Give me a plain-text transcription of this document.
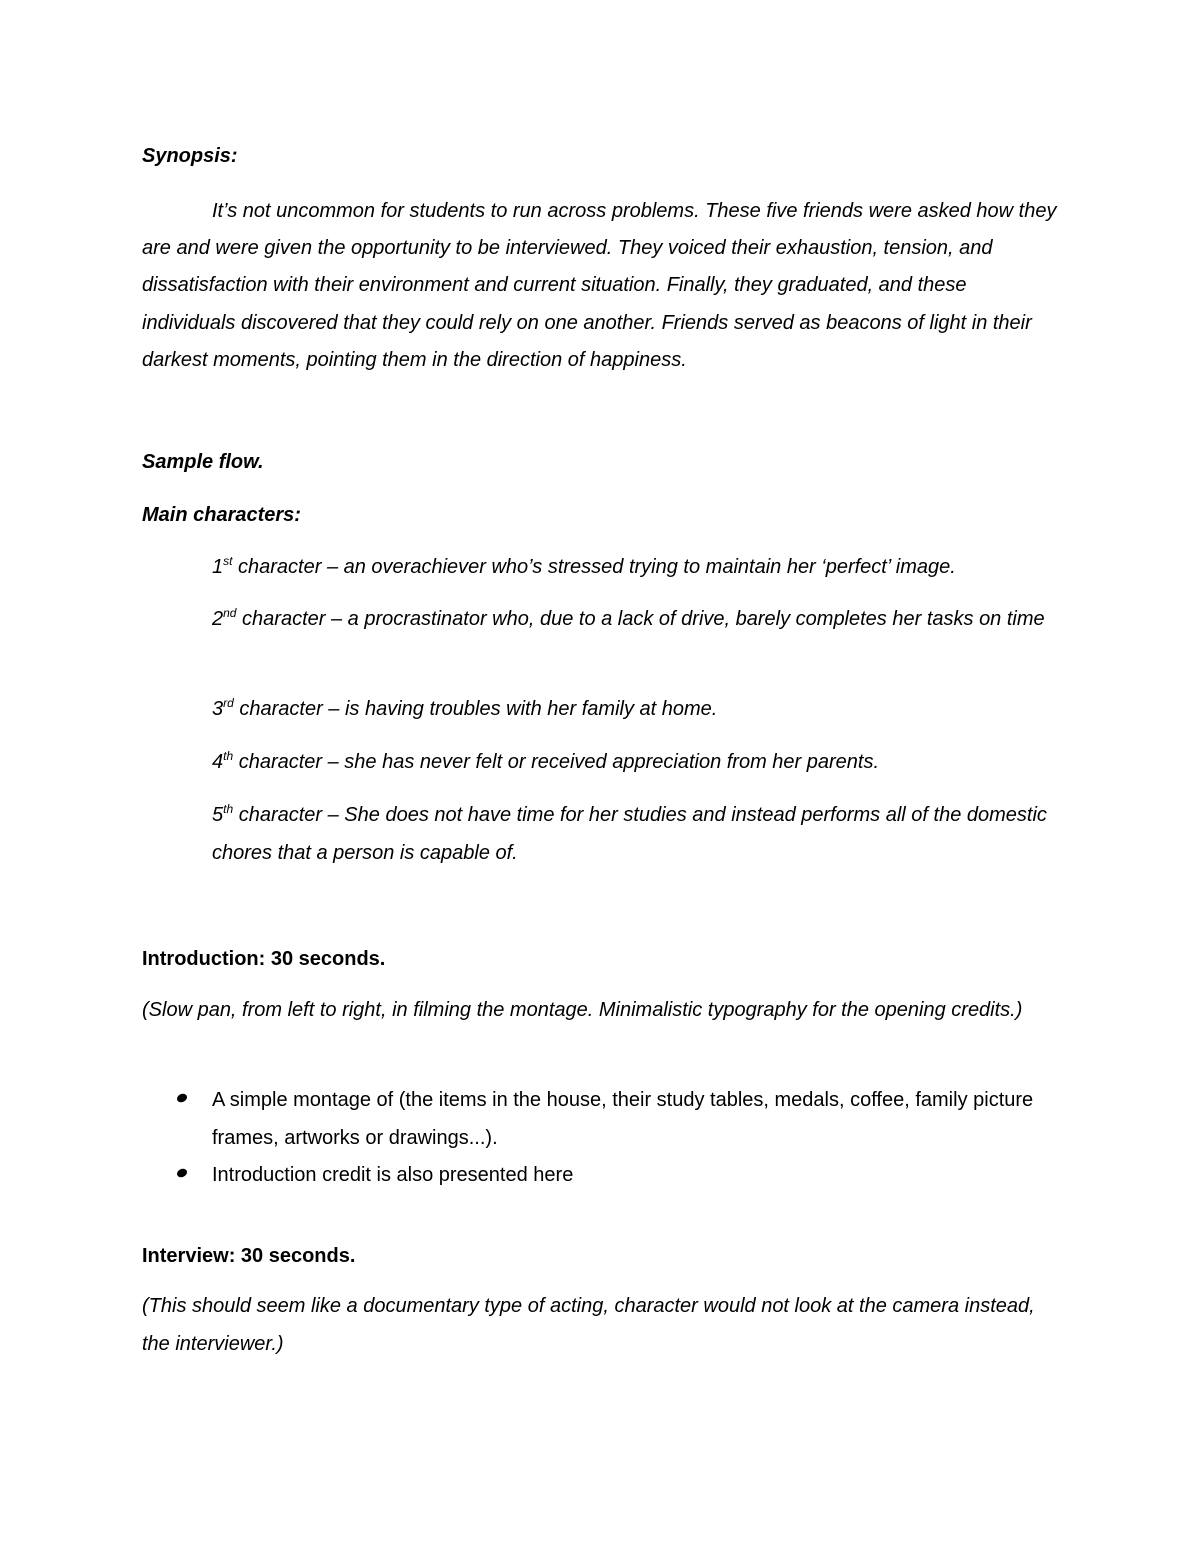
Synopsis:
It’s not uncommon for students to run across problems. These five friends were asked how they are and were given the opportunity to be interviewed. They voiced their exhaustion, tension, and dissatisfaction with their environment and current situation. Finally, they graduated, and these individuals discovered that they could rely on one another. Friends served as beacons of light in their darkest moments, pointing them in the direction of happiness.
Sample flow.
Main characters:
1st character – an overachiever who’s stressed trying to maintain her ‘perfect’ image.
2nd character – a procrastinator who, due to a lack of drive, barely completes her tasks on time
3rd character – is having troubles with her family at home.
4th character – she has never felt or received appreciation from her parents.
5th character – She does not have time for her studies and instead performs all of the domestic chores that a person is capable of.
Introduction: 30 seconds.
(Slow pan, from left to right, in filming the montage. Minimalistic typography for the opening credits.)
A simple montage of (the items in the house, their study tables, medals, coffee, family picture frames, artworks or drawings...).
Introduction credit is also presented here
Interview: 30 seconds.
(This should seem like a documentary type of acting, character would not look at the camera instead, the interviewer.)
